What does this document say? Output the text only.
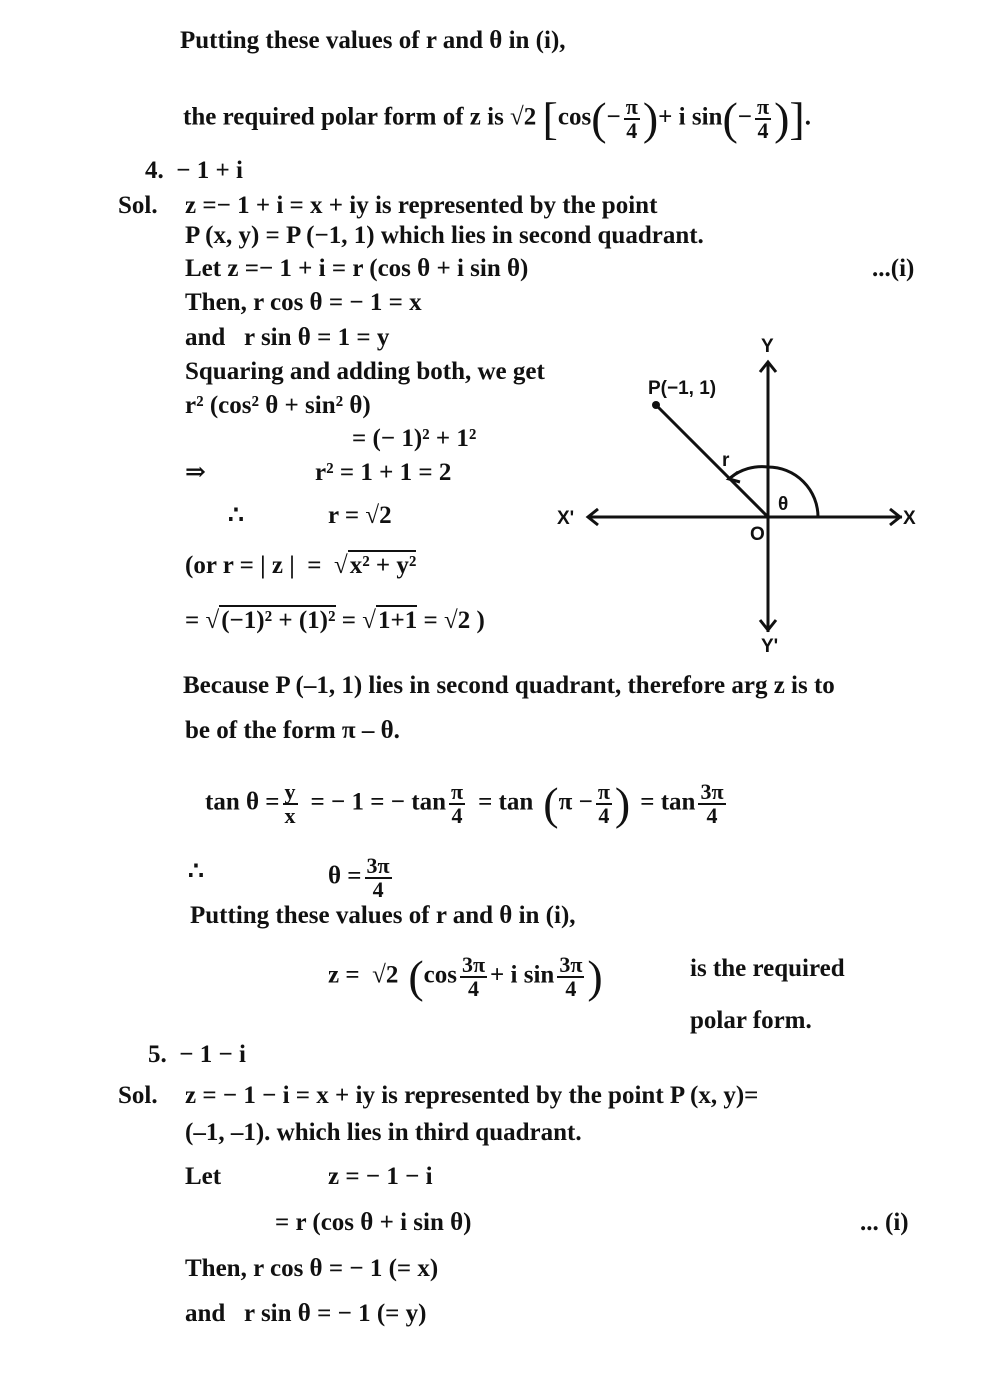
Putting these values of r and θ in (i),
the required polar form of z is √2 [$\cos(- \frac{\pi}{4}$ )+ i $\sin(- \frac{\pi}{4}$ )].
4.  − 1 + i
Sol. z =− 1 + i = x + iy is represented by the point
P (x, y) = P (−1, 1) which lies in second quadrant.
Let z =− 1 + i = r (cos θ + i sin θ)	...(i)
Then, r cos θ = − 1 = x
and   r sin θ = 1 = y
Squaring and adding both, we get
r² (cos² θ + sin² θ)
= (− 1)² + 1²
⇒	r² = 1 + 1 = 2
∴	r = √2
(or r = | z |  =  √x² + y²
= √(−1)² + (1)² = √1+1 = √2 )
P(−1, 1)
r
θ
O
X
X'
Y
Y'
Because P (–1, 1) lies in second quadrant, therefore arg z is to
be of the form π – θ.
$\tan \theta = \frac{y}{x}$ = − 1 = − $\tan \frac{\pi}{4} = \tan (\pi - \frac{\pi}{4}$ ) = $\tan \frac{3\pi}{4}$
∴	$\theta = \frac{3\pi}{4}$
Putting these values of r and θ in (i),
z =  √2 ($\cos \frac{3\pi}{4} + i$ $\sin \frac{3\pi}{4}$ )	is the required
polar form.
5.  − 1 − i
Sol. z = − 1 − i = x + iy is represented by the point P (x, y)=
(–1, –1). which lies in third quadrant.
Let	z = − 1 − i
= r (cos θ + i sin θ)	... (i)
Then, r cos θ = − 1 (= x)
and   r sin θ = − 1 (= y)
